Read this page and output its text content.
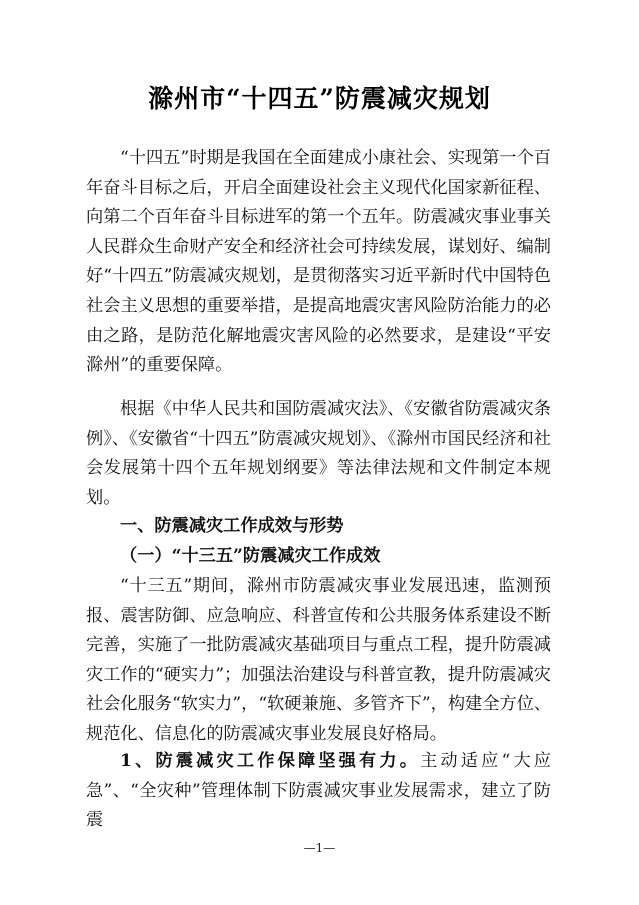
滁州市“十四五”防震减灾规划

“十四五”时期是我国在全面建成小康社会、实现第一个百年奋斗目标之后，开启全面建设社会主义现代化国家新征程、向第二个百年奋斗目标进军的第一个五年。防震减灾事业事关人民群众生命财产安全和经济社会可持续发展，谋划好、编制好“十四五”防震减灾规划，是贯彻落实习近平新时代中国特色社会主义思想的重要举措，是提高地震灾害风险防治能力的必由之路，是防范化解地震灾害风险的必然要求，是建设“平安滁州”的重要保障。

根据《中华人民共和国防震减灾法》、《安徽省防震减灾条例》、《安徽省“十四五”防震减灾规划》、《滁州市国民经济和社会发展第十四个五年规划纲要》等法律法规和文件制定本规划。

一、防震减灾工作成效与形势
（一）“十三五”防震减灾工作成效

“十三五”期间，滁州市防震减灾事业发展迅速，监测预报、震害防御、应急响应、科普宣传和公共服务体系建设不断完善，实施了一批防震减灾基础项目与重点工程，提升防震减灾工作的“硬实力”；加强法治建设与科普宣教，提升防震减灾社会化服务“软实力”，“软硬兼施、多管齐下”，构建全方位、规范化、信息化的防震减灾事业发展良好格局。

1、防震减灾工作保障坚强有力。主动适应“大应急”、“全灾种”管理体制下防震减灾事业发展需求，建立了防震

—1—
